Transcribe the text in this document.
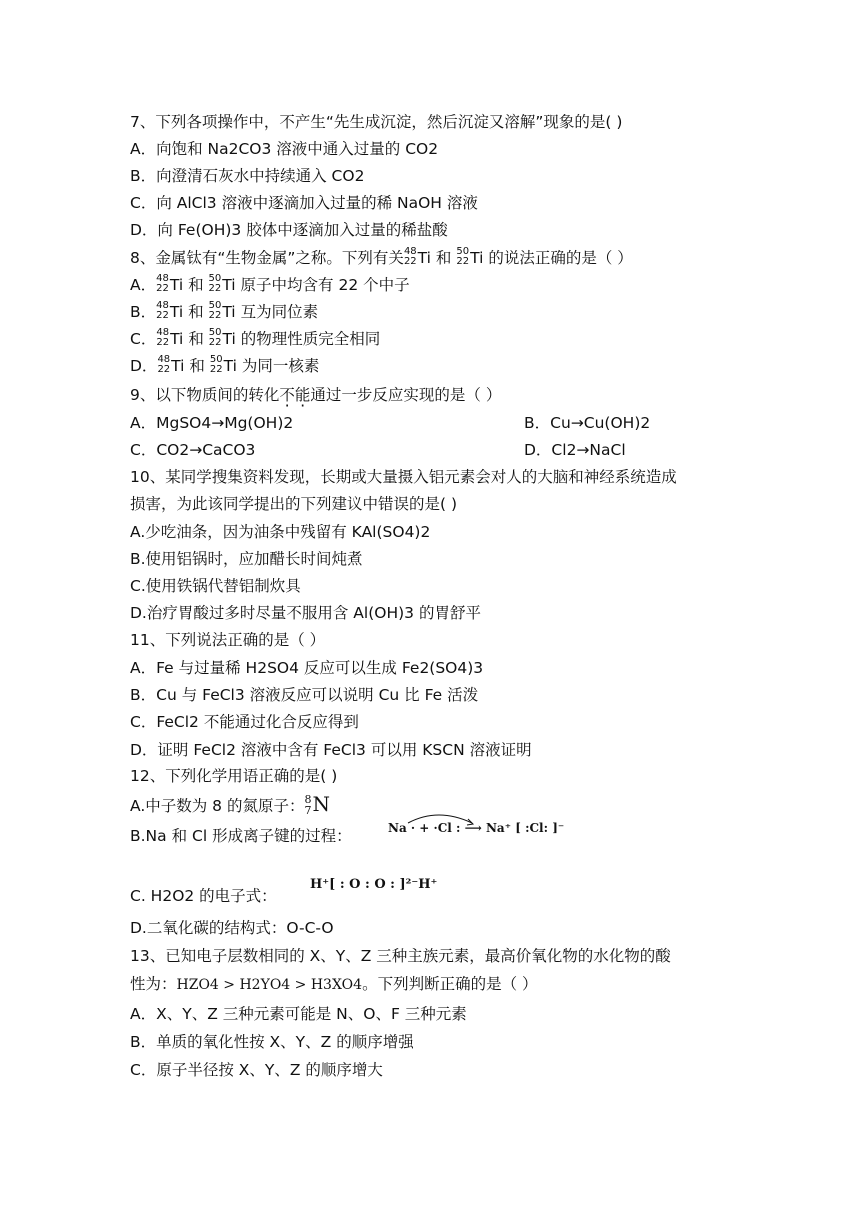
7、下列各项操作中，不产生“先生成沉淀，然后沉淀又溶解”现象的是( )
A．向饱和 Na2CO3 溶液中通入过量的 CO2
B．向澄清石灰水中持续通入 CO2
C．向 AlCl3 溶液中逐滴加入过量的稀 NaOH 溶液
D．向 Fe(OH)3 胶体中逐滴加入过量的稀盐酸
8、金属钛有“生物金属”之称。下列有关 48
22 Ti 和 50
22 Ti 的说法正确的是（ ）
A． 48
22 Ti 和 50
22 Ti 原子中均含有 22 个中子
B． 48
22 Ti 和 50
22 Ti 互为同位素
C． 48
22 Ti 和 50
22 Ti 的物理性质完全相同
D． 48
22 Ti 和 50
22 Ti 为同一核素
9、以下物质间的转化不能通过一步反应实现的是（ ）
A．MgSO4→Mg(OH)2	B．Cu→Cu(OH)2
C．CO2→CaCO3	D．Cl2→NaCl
10、某同学搜集资料发现，长期或大量摄入铝元素会对人的大脑和神经系统造成
损害，为此该同学提出的下列建议中错误的是( )
A.少吃油条，因为油条中残留有 KAl(SO4)2
B.使用铝锅时，应加醋长时间炖煮
C.使用铁锅代替铝制炊具
D.治疗胃酸过多时尽量不服用含 Al(OH)3 的胃舒平
11、下列说法正确的是（ ）
A．Fe 与过量稀 H2SO4 反应可以生成 Fe2(SO4)3
B．Cu 与 FeCl3 溶液反应可以说明 Cu 比 Fe 活泼
C．FeCl2 不能通过化合反应得到
D．证明 FeCl2 溶液中含有 FeCl3 可以用 KSCN 溶液证明
12、下列化学用语正确的是( )
A.中子数为 8 的氮原子： 8
7 N
B.Na 和 Cl 形成离子键的过程：	Na · + ·Cl : ⟶ Na⁺ [ :Cl: ]⁻
C. H2O2 的电子式：
H⁺[ : O : O : ]²⁻H⁺
D.二氧化碳的结构式：O-C-O
13、已知电子层数相同的 X、Y、Z 三种主族元素，最高价氧化物的水化物的酸
性为：HZO4 > H2YO4 > H3XO4。下列判断正确的是（ ）
A．X、Y、Z 三种元素可能是 N、O、F 三种元素
B．单质的氧化性按 X、Y、Z 的顺序增强
C．原子半径按 X、Y、Z 的顺序增大
